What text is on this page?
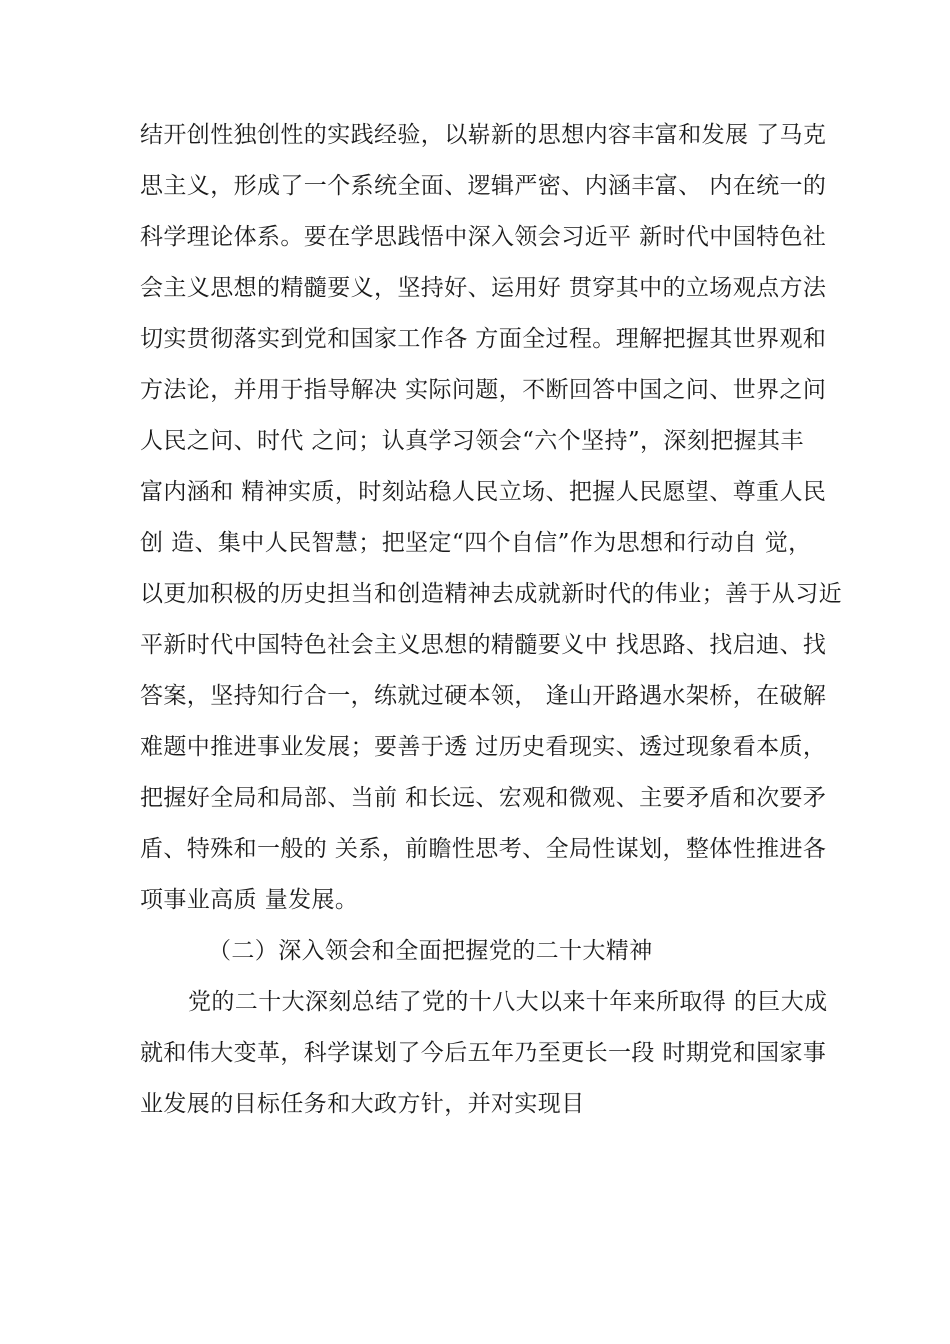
结开创性独创性的实践经验，以崭新的思想内容丰富和发展 了马克
思主义，形成了一个系统全面、逻辑严密、内涵丰富、 内在统一的
科学理论体系。要在学思践悟中深入领会习近平 新时代中国特色社
会主义思想的精髓要义，坚持好、运用好 贯穿其中的立场观点方法
切实贯彻落实到党和国家工作各 方面全过程。理解把握其世界观和
方法论，并用于指导解决 实际问题，不断回答中国之问、世界之问
人民之问、时代 之问；认真学习领会“六个坚持”，深刻把握其丰
富内涵和 精神实质，时刻站稳人民立场、把握人民愿望、尊重人民
创 造、集中人民智慧；把坚定“四个自信”作为思想和行动自 觉，
以更加积极的历史担当和创造精神去成就新时代的伟业；善于从习近
平新时代中国特色社会主义思想的精髓要义中 找思路、找启迪、找
答案，坚持知行合一，练就过硬本领， 逢山开路遇水架桥，在破解
难题中推进事业发展；要善于透 过历史看现实、透过现象看本质，
把握好全局和局部、当前 和长远、宏观和微观、主要矛盾和次要矛
盾、特殊和一般的 关系，前瞻性思考、全局性谋划，整体性推进各
项事业高质 量发展。
（二）深入领会和全面把握党的二十大精神
党的二十大深刻总结了党的十八大以来十年来所取得 的巨大成
就和伟大变革，科学谋划了今后五年乃至更长一段 时期党和国家事
业发展的目标任务和大政方针，并对实现目
